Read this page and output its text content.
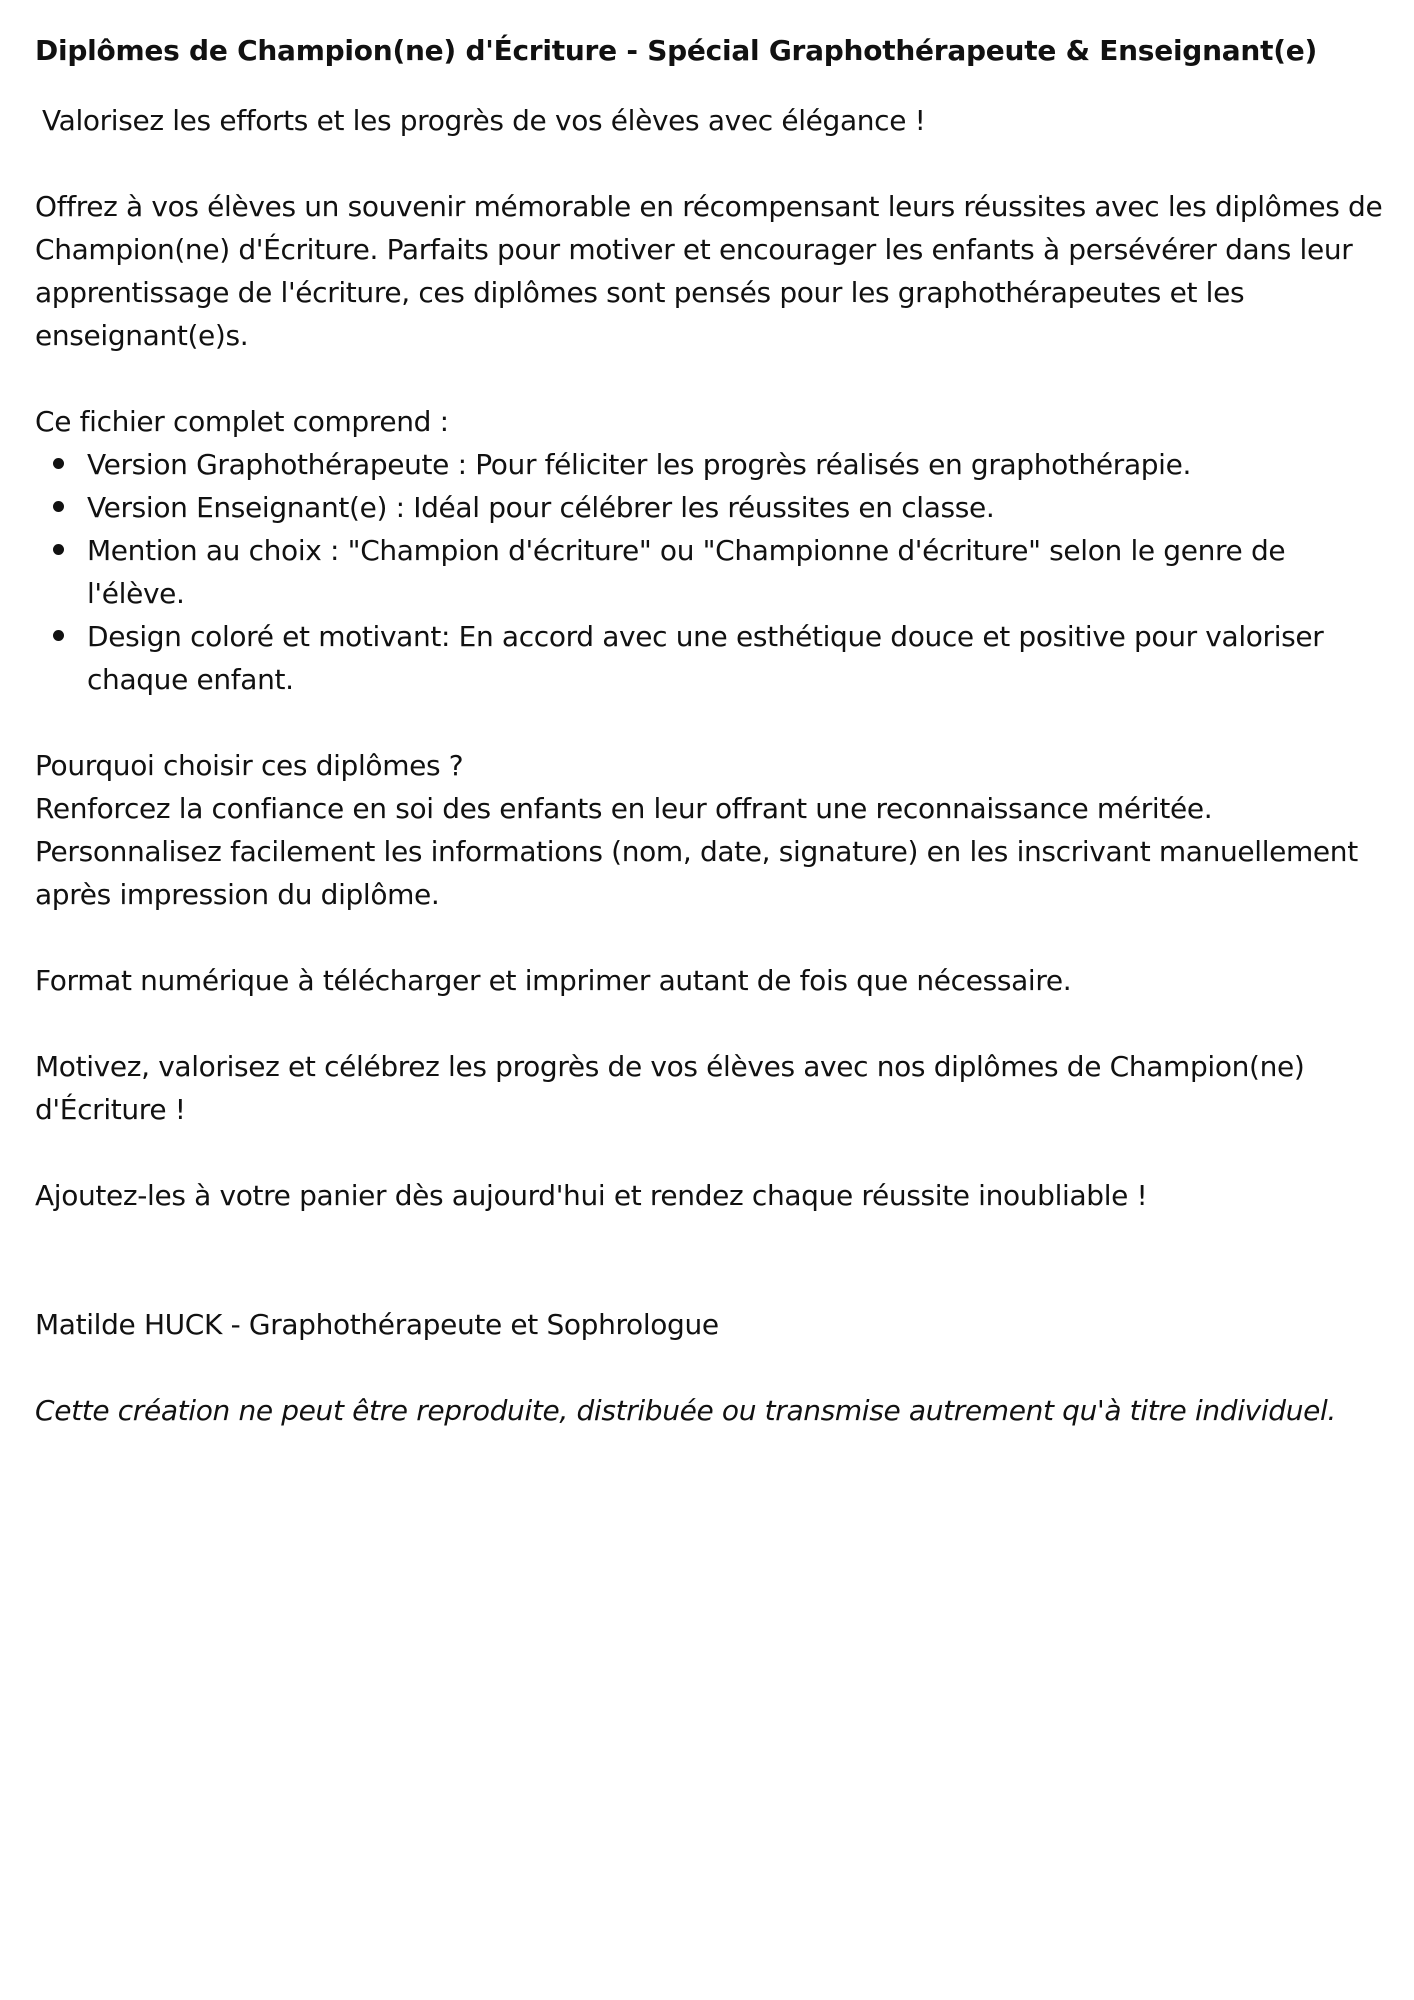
Diplômes de Champion(ne) d'Écriture - Spécial Graphothérapeute & Enseignant(e)

Valorisez les efforts et les progrès de vos élèves avec élégance !

Offrez à vos élèves un souvenir mémorable en récompensant leurs réussites avec les diplômes de Champion(ne) d'Écriture. Parfaits pour motiver et encourager les enfants à persévérer dans leur apprentissage de l'écriture, ces diplômes sont pensés pour les graphothérapeutes et les enseignant(e)s.

Ce fichier complet comprend :

Version Graphothérapeute : Pour féliciter les progrès réalisés en graphothérapie.
Version Enseignant(e) : Idéal pour célébrer les réussites en classe.
Mention au choix : "Champion d'écriture" ou "Championne d'écriture" selon le genre de l'élève.
Design coloré et motivant: En accord avec une esthétique douce et positive pour valoriser chaque enfant.
Pourquoi choisir ces diplômes ?
Renforcez la confiance en soi des enfants en leur offrant une reconnaissance méritée.
Personnalisez facilement les informations (nom, date, signature) en les inscrivant manuellement après impression du diplôme.

Format numérique à télécharger et imprimer autant de fois que nécessaire.

Motivez, valorisez et célébrez les progrès de vos élèves avec nos diplômes de Champion(ne) d'Écriture !

Ajoutez-les à votre panier dès aujourd'hui et rendez chaque réussite inoubliable !

Matilde HUCK - Graphothérapeute et Sophrologue

Cette création ne peut être reproduite, distribuée ou transmise autrement qu'à titre individuel.
